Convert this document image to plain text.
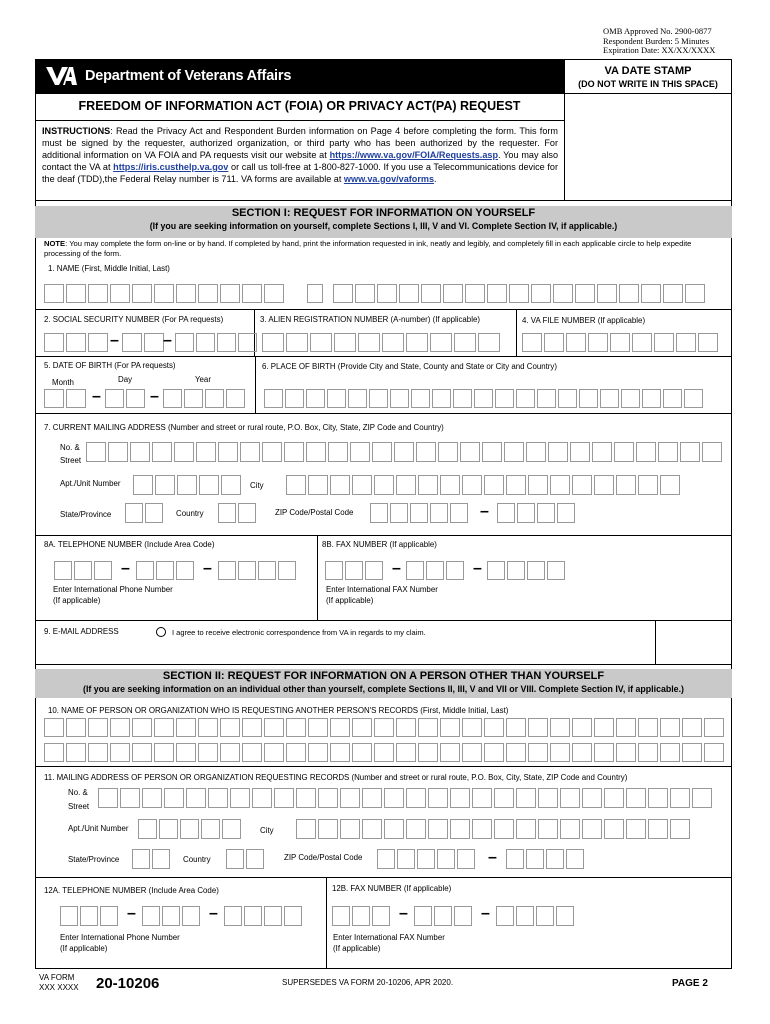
OMB Approved No. 2900-0877
Respondent Burden: 5 Minutes
Expiration Date: XX/XX/XXXX
Department of Veterans Affairs	VA DATE STAMP
(DO NOT WRITE IN THIS SPACE)
FREEDOM OF INFORMATION ACT (FOIA) OR PRIVACY ACT(PA) REQUEST
INSTRUCTIONS: Read the Privacy Act and Respondent Burden information on Page 4 before completing the form. This form must be signed by the requester, authorized organization, or third party who has been authorized by the requester. For additional information on VA FOIA and PA requests visit our website at https://www.va.gov/FOIA/Requests.asp. You may also contact the VA at https://iris.custhelp.va.gov or call us toll-free at 1-800-827-1000. If you use a Telecommunications device for the deaf (TDD),the Federal Relay number is 711. VA forms are available at www.va.gov/vaforms.
SECTION I: REQUEST FOR INFORMATION ON YOURSELF
(If you are seeking information on yourself, complete Sections I, III, V and VI. Complete Section IV, if applicable.)
NOTE: You may complete the form on-line or by hand. If completed by hand, print the information requested in ink, neatly and legibly, and completely fill in each applicable circle to help expedite processing of the form.
1. NAME (First, Middle Initial, Last)
2. SOCIAL SECURITY NUMBER (For PA requests)	3. ALIEN REGISTRATION NUMBER (A-number) (If applicable)	4. VA FILE NUMBER (If applicable)
–	–
5. DATE OF BIRTH (For PA requests)
Month	Day	Year
6. PLACE OF BIRTH (Provide City and State, County and State or City and Country)
–	–
7. CURRENT MAILING ADDRESS (Number and street or rural route, P.O. Box, City, State, ZIP Code and Country)
No. &
Street
Apt./Unit Number	City
State/Province	Country	ZIP Code/Postal Code	–
8A. TELEPHONE NUMBER (Include Area Code)	8B. FAX NUMBER (If applicable)
–	–	–	–
Enter International Phone Number
(If applicable)
Enter International FAX Number
(If applicable)
9. E-MAIL ADDRESS	I agree to receive electronic correspondence from VA in regards to my claim.
SECTION II: REQUEST FOR INFORMATION ON A PERSON OTHER THAN YOURSELF
(If you are seeking information on an individual other than yourself, complete Sections II, III, V and VII or VIII. Complete Section IV, if applicable.)
10. NAME OF PERSON OR ORGANIZATION WHO IS REQUESTING ANOTHER PERSON'S RECORDS (First, Middle Initial, Last)
11. MAILING ADDRESS OF PERSON OR ORGANIZATION REQUESTING RECORDS (Number and street or rural route, P.O. Box, City, State, ZIP Code and Country)
No. &
Street
Apt./Unit Number	City
State/Province	Country	ZIP Code/Postal Code	–
12A. TELEPHONE NUMBER (Include Area Code)	12B. FAX NUMBER (If applicable)
–	–	–	–
Enter International Phone Number
(If applicable)
Enter International FAX Number
(If applicable)
VA FORM
XXX XXXX 20-10206	SUPERSEDES VA FORM 20-10206, APR 2020.	PAGE 2
